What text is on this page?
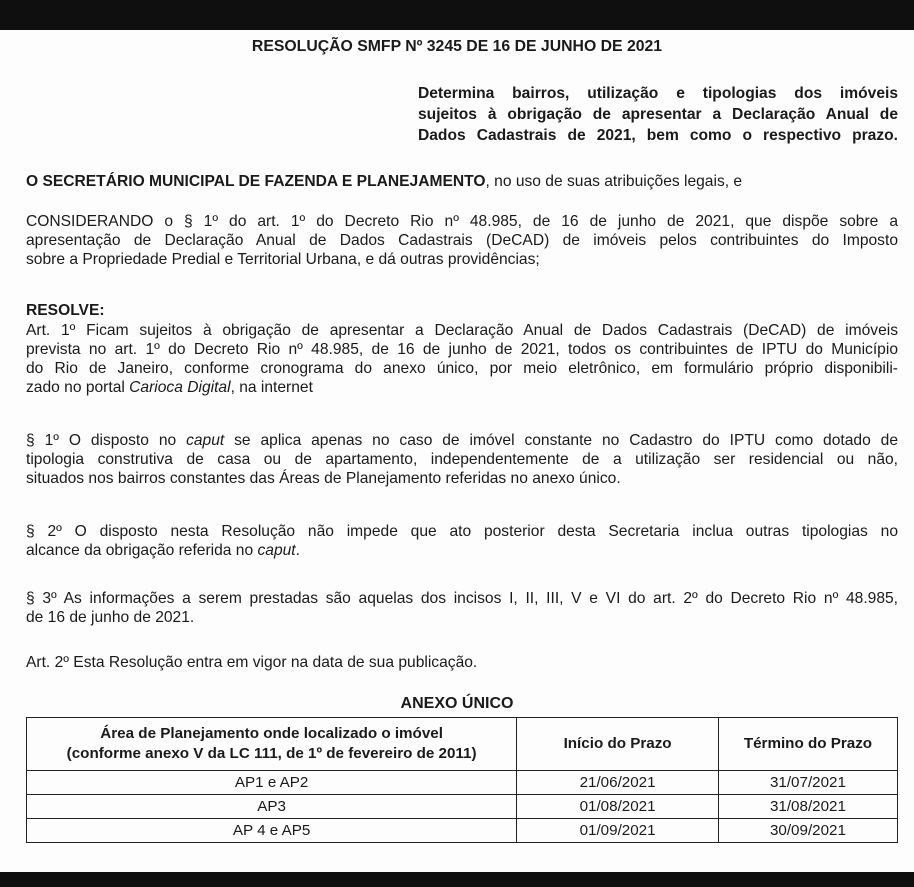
RESOLUÇÃO SMFP Nº 3245 DE 16 DE JUNHO DE 2021
Determina bairros, utilização e tipologias dos imóveis
sujeitos à obrigação de apresentar a Declaração Anual de
Dados Cadastrais de 2021, bem como o respectivo prazo.
O SECRETÁRIO MUNICIPAL DE FAZENDA E PLANEJAMENTO, no uso de suas atribuições legais, e
CONSIDERANDO o § 1º do art. 1º do Decreto Rio nº 48.985, de 16 de junho de 2021, que dispõe sobre a
apresentação de Declaração Anual de Dados Cadastrais (DeCAD) de imóveis pelos contribuintes do Imposto
sobre a Propriedade Predial e Territorial Urbana, e dá outras providências;
RESOLVE:
Art. 1º Ficam sujeitos à obrigação de apresentar a Declaração Anual de Dados Cadastrais (DeCAD) de imóveis
prevista no art. 1º do Decreto Rio nº 48.985, de 16 de junho de 2021, todos os contribuintes de IPTU do Município
do Rio de Janeiro, conforme cronograma do anexo único, por meio eletrônico, em formulário próprio disponibili-
zado no portal Carioca Digital, na internet
§ 1º O disposto no caput se aplica apenas no caso de imóvel constante no Cadastro do IPTU como dotado de
tipologia construtiva de casa ou de apartamento, independentemente de a utilização ser residencial ou não,
situados nos bairros constantes das Áreas de Planejamento referidas no anexo único.
§ 2º O disposto nesta Resolução não impede que ato posterior desta Secretaria inclua outras tipologias no
alcance da obrigação referida no caput.
§ 3º As informações a serem prestadas são aquelas dos incisos I, II, III, V e VI do art. 2º do Decreto Rio nº 48.985,
de 16 de junho de 2021.
Art. 2º Esta Resolução entra em vigor na data de sua publicação.
ANEXO ÚNICO
Área de Planejamento onde localizado o imóvel
(conforme anexo V da LC 111, de 1º de fevereiro de 2011)	Início do Prazo	Término do Prazo
AP1 e AP2	21/06/2021	31/07/2021
AP3	01/08/2021	31/08/2021
AP 4 e AP5	01/09/2021	30/09/2021
